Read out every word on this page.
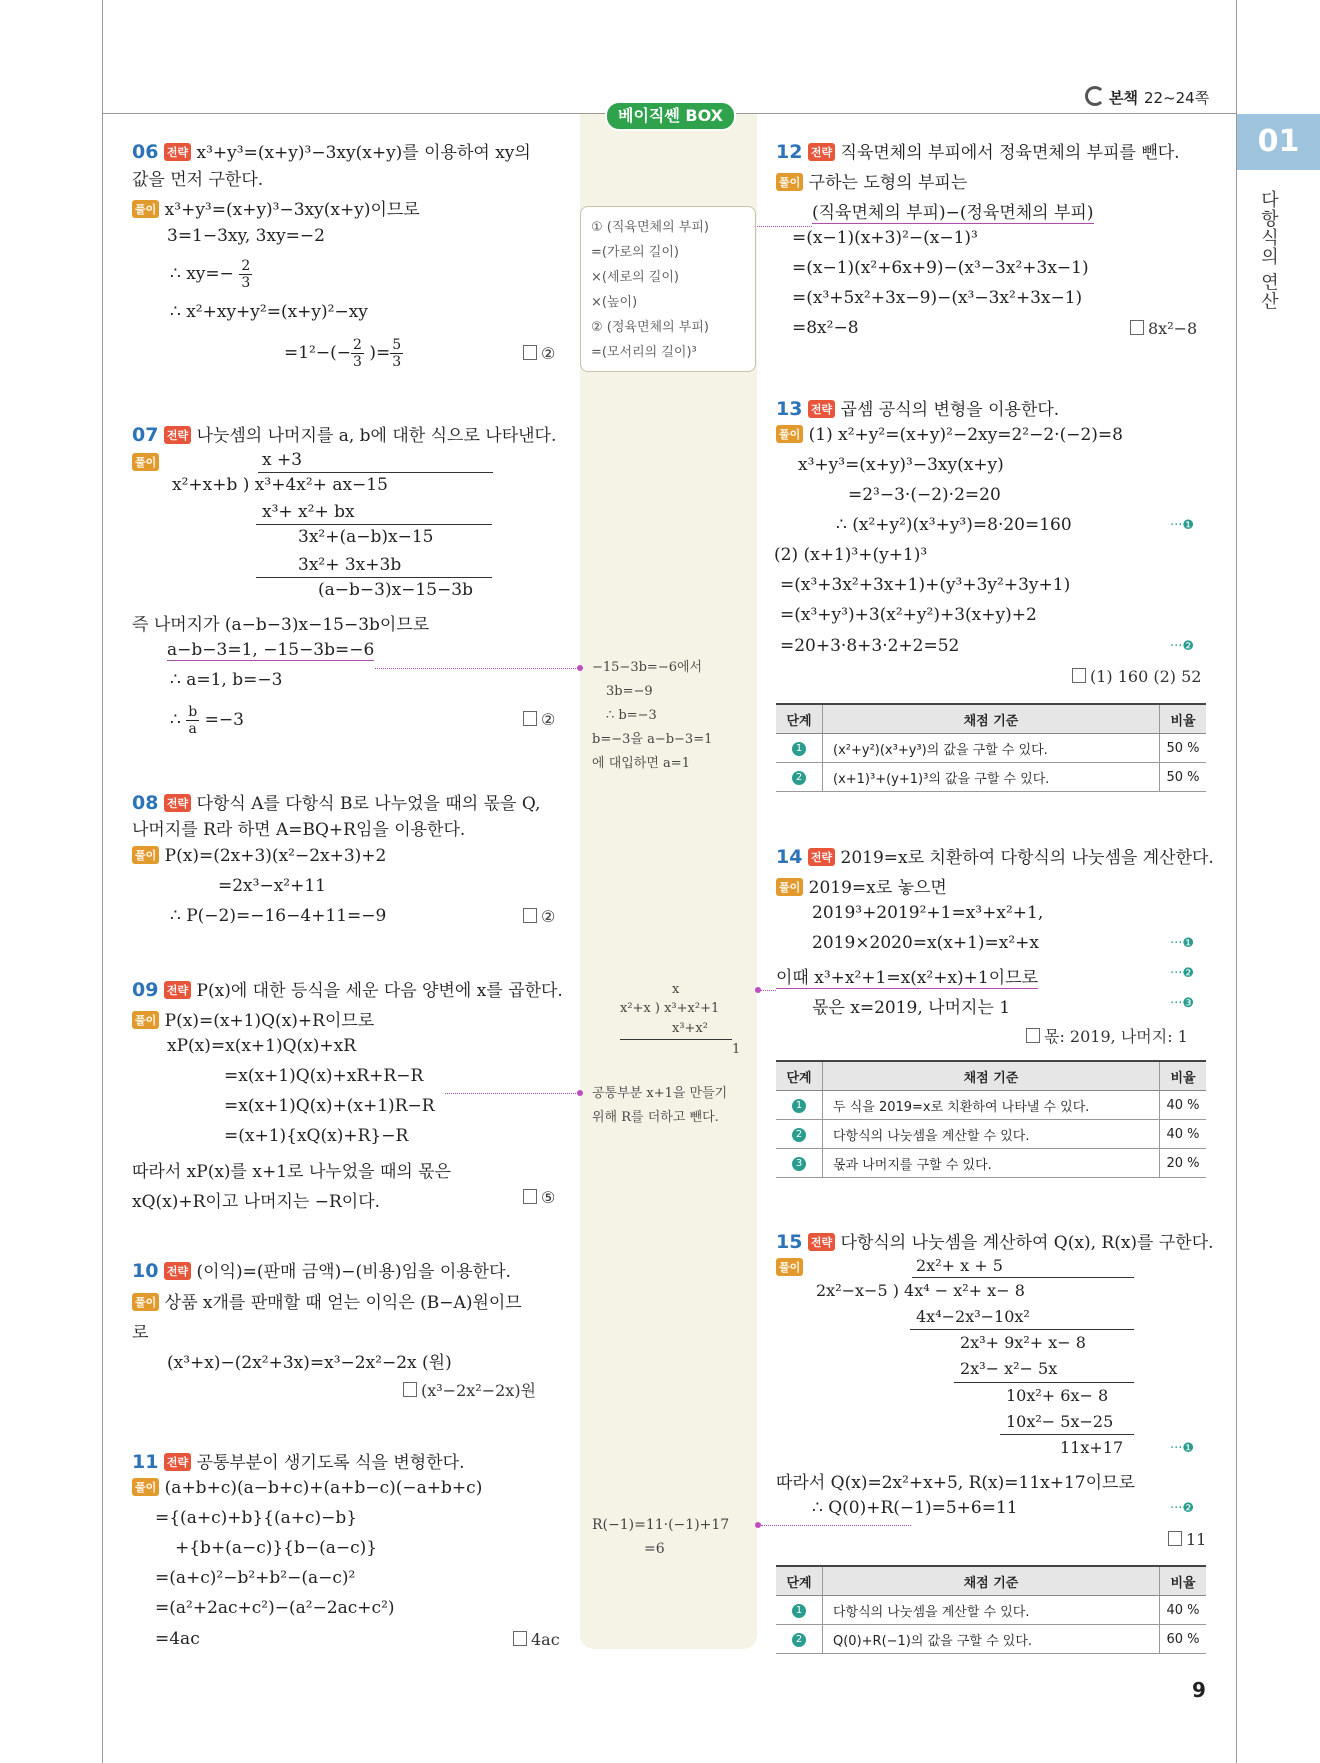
본책 22~24쪽
01
다항식의 연산
베이직쎈 BOX
① (직육면체의 부피)
=(가로의 길이)
×(세로의 길이)
×(높이)
② (정육면체의 부피)
=(모서리의 길이)³
−15−3b=−6에서
3b=−9
∴ b=−3
b=−3을 a−b−3=1
에 대입하면 a=1
x
x²+x ) x³+x²+1
x³+x²
1
공통부분 x+1을 만들기
위해 R를 더하고 뺀다.
R(−1)=11·(−1)+17
=6
06 전략 x³+y³=(x+y)³−3xy(x+y)를 이용하여 xy의
값을 먼저 구한다.
풀이 x³+y³=(x+y)³−3xy(x+y)이므로
3=1−3xy, 3xy=−2
∴ $xy=- \frac{2}{3}$
∴ x²+xy+y²=(x+y)²−xy
$=1^2-(- \frac{2}{3}$ )= $\frac{5}{3}$	②
07 전략 나눗셈의 나머지를 a, b에 대한 식으로 나타낸다.
풀이	x +3
x²+x+b ) x³+4x²+ ax−15
x³+ x²+ bx
3x²+(a−b)x−15
3x²+ 3x+3b
(a−b−3)x−15−3b
즉 나머지가 (a−b−3)x−15−3b이므로
a−b−3=1, −15−3b=−6
∴ a=1, b=−3
∴ $\frac{b}{a} =-3$	②
08 전략 다항식 A를 다항식 B로 나누었을 때의 몫을 Q,
나머지를 R라 하면 A=BQ+R임을 이용한다.
풀이 P(x)=(2x+3)(x²−2x+3)+2
=2x³−x²+11
∴ P(−2)=−16−4+11=−9	②
09 전략 P(x)에 대한 등식을 세운 다음 양변에 x를 곱한다.
풀이 P(x)=(x+1)Q(x)+R이므로
xP(x)=x(x+1)Q(x)+xR
=x(x+1)Q(x)+xR+R−R
=x(x+1)Q(x)+(x+1)R−R
=(x+1){xQ(x)+R}−R
따라서 xP(x)를 x+1로 나누었을 때의 몫은
xQ(x)+R이고 나머지는 −R이다.	⑤
10 전략 (이익)=(판매 금액)−(비용)임을 이용한다.
풀이 상품 x개를 판매할 때 얻는 이익은 (B−A)원이므
로
(x³+x)−(2x²+3x)=x³−2x²−2x (원)
(x³−2x²−2x)원
11 전략 공통부분이 생기도록 식을 변형한다.
풀이 (a+b+c)(a−b+c)+(a+b−c)(−a+b+c)
={(a+c)+b}{(a+c)−b}
+{b+(a−c)}{b−(a−c)}
=(a+c)²−b²+b²−(a−c)²
=(a²+2ac+c²)−(a²−2ac+c²)
=4ac	4ac
12 전략 직육면체의 부피에서 정육면체의 부피를 뺀다.
풀이 구하는 도형의 부피는
(직육면체의 부피)−(정육면체의 부피)
=(x−1)(x+3)²−(x−1)³
=(x−1)(x²+6x+9)−(x³−3x²+3x−1)
=(x³+5x²+3x−9)−(x³−3x²+3x−1)
=8x²−8	8x²−8
13 전략 곱셈 공식의 변형을 이용한다.
풀이 (1) x²+y²=(x+y)²−2xy=2²−2·(−2)=8
x³+y³=(x+y)³−3xy(x+y)
=2³−3·(−2)·2=20
∴ (x²+y²)(x³+y³)=8·20=160	···❶
(2) (x+1)³+(y+1)³
=(x³+3x²+3x+1)+(y³+3y²+3y+1)
=(x³+y³)+3(x²+y²)+3(x+y)+2
=20+3·8+3·2+2=52	···❷
(1) 160 (2) 52
단계	채점 기준	비율
1	(x²+y²)(x³+y³)의 값을 구할 수 있다.	50 %
2	(x+1)³+(y+1)³의 값을 구할 수 있다.	50 %
14 전략 2019=x로 치환하여 다항식의 나눗셈을 계산한다.
풀이 2019=x로 놓으면
2019³+2019²+1=x³+x²+1,
2019×2020=x(x+1)=x²+x	···❶
이때 x³+x²+1=x(x²+x)+1이므로	···❷
몫은 x=2019, 나머지는 1	···❸
몫: 2019, 나머지: 1
단계	채점 기준	비율
1	두 식을 2019=x로 치환하여 나타낼 수 있다.	40 %
2	다항식의 나눗셈을 계산할 수 있다.	40 %
3	몫과 나머지를 구할 수 있다.	20 %
15 전략 다항식의 나눗셈을 계산하여 Q(x), R(x)를 구한다.
풀이	2x²+ x + 5
2x²−x−5 ) 4x⁴ − x²+ x− 8
4x⁴−2x³−10x²
2x³+ 9x²+ x− 8
2x³− x²− 5x
10x²+ 6x− 8
10x²− 5x−25
11x+17	···❶
따라서 Q(x)=2x²+x+5, R(x)=11x+17이므로
∴ Q(0)+R(−1)=5+6=11	···❷
11
단계	채점 기준	비율
1	다항식의 나눗셈을 계산할 수 있다.	40 %
2	Q(0)+R(−1)의 값을 구할 수 있다.	60 %
9
